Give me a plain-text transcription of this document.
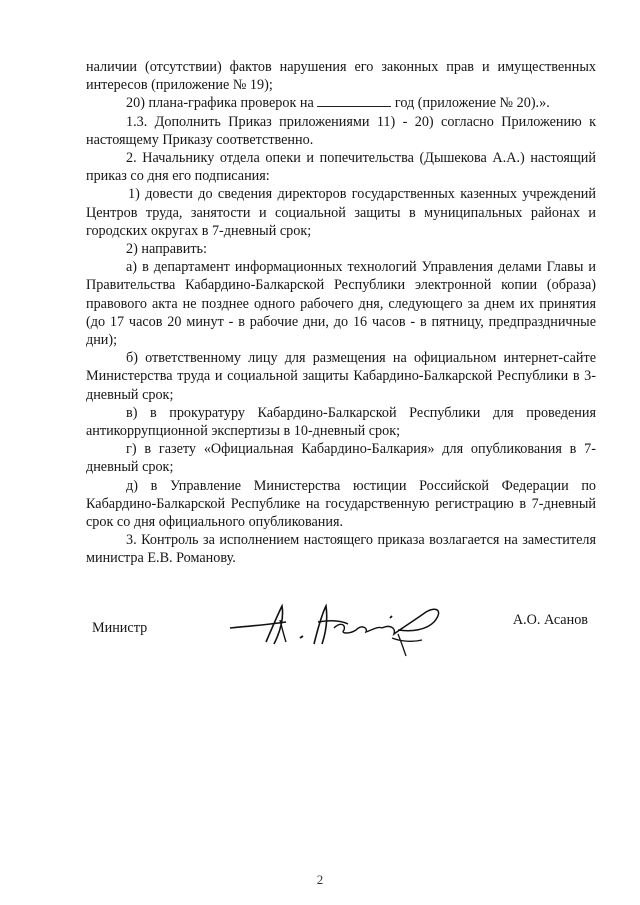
наличии (отсутствии) фактов нарушения его законных прав и имущественных интересов (приложение № 19);

20) плана-графика проверок на	год (приложение № 20).».

1.3. Дополнить Приказ приложениями 11) - 20) согласно Приложению к настоящему Приказу соответственно.

2. Начальнику отдела опеки и попечительства (Дышекова А.А.) настоящий приказ со дня его подписания:

1) довести до сведения директоров государственных казенных учреждений Центров труда, занятости и социальной защиты в муниципальных районах и городских округах в 7-дневный срок;

2) направить:

а) в департамент информационных технологий Управления делами Главы и Правительства Кабардино-Балкарской Республики электронной копии (образа) правового акта не позднее одного рабочего дня, следующего за днем их принятия (до 17 часов 20 минут - в рабочие дни, до 16 часов - в пятницу, предпраздничные дни);

б) ответственному лицу для размещения на официальном интернет-сайте Министерства труда и социальной защиты Кабардино-Балкарской Республики в 3-дневный срок;

в) в прокуратуру Кабардино-Балкарской Республики для проведения антикоррупционной экспертизы в 10-дневный срок;

г) в газету «Официальная Кабардино-Балкария» для опубликования в 7-дневный срок;

д) в Управление Министерства юстиции Российской Федерации по Кабардино-Балкарской Республике на государственную регистрацию в 7-дневный срок со дня официального опубликования.

3. Контроль за исполнением настоящего приказа возлагается на заместителя министра Е.В. Романову.

Министр	А.О. Асанов
2
